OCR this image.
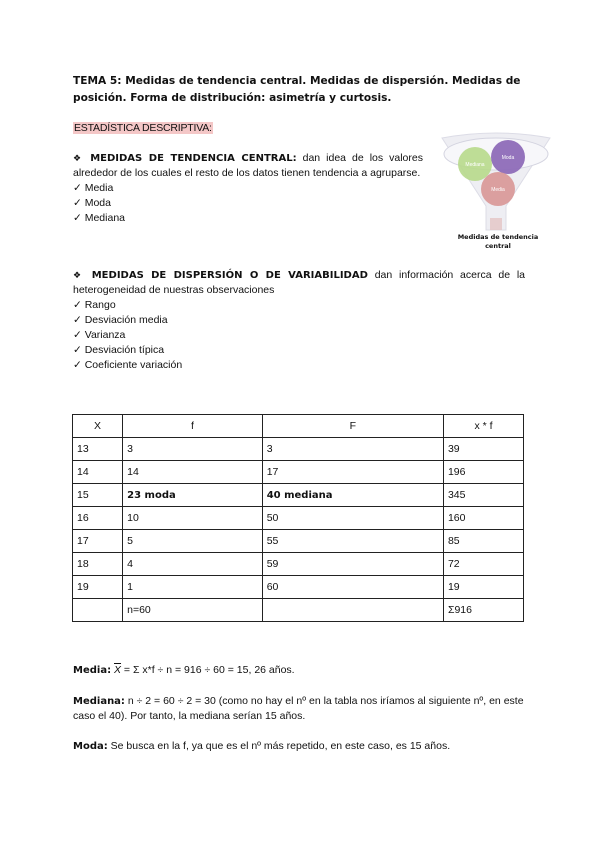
TEMA 5: Medidas de tendencia central. Medidas de dispersión. Medidas de posición. Forma de distribución: asimetría y curtosis.
ESTADÍSTICA DESCRIPTIVA:
❖ MEDIDAS DE TENDENCIA CENTRAL: dan idea de los valores alrededor de los cuales el resto de los datos tienen tendencia a agruparse.
✓ Media
✓ Moda
✓ Mediana
Mediana
Moda
Media
Medidas de tendencia central
❖ MEDIDAS DE DISPERSIÓN O DE VARIABILIDAD dan información acerca de la heterogeneidad de nuestras observaciones
✓ Rango
✓ Desviación media
✓ Varianza
✓ Desviación típica
✓ Coeficiente variación
X	f	F	x * f
13	3	3	39
14	14	17	196
15	23 moda	40 mediana	345
16	10	50	160
17	5	55	85
18	4	59	72
19	1	60	19
	n=60		Σ916
Media: $\overline{X} = \Sigma$ x*f ÷ n = 916 ÷ 60 = 15, 26 años.
Mediana: n ÷ 2 = 60 ÷ 2 = 30 (como no hay el nº en la tabla nos iríamos al siguiente nº, en este caso el 40). Por tanto, la mediana serían 15 años.
Moda: Se busca en la f, ya que es el nº más repetido, en este caso, es 15 años.
